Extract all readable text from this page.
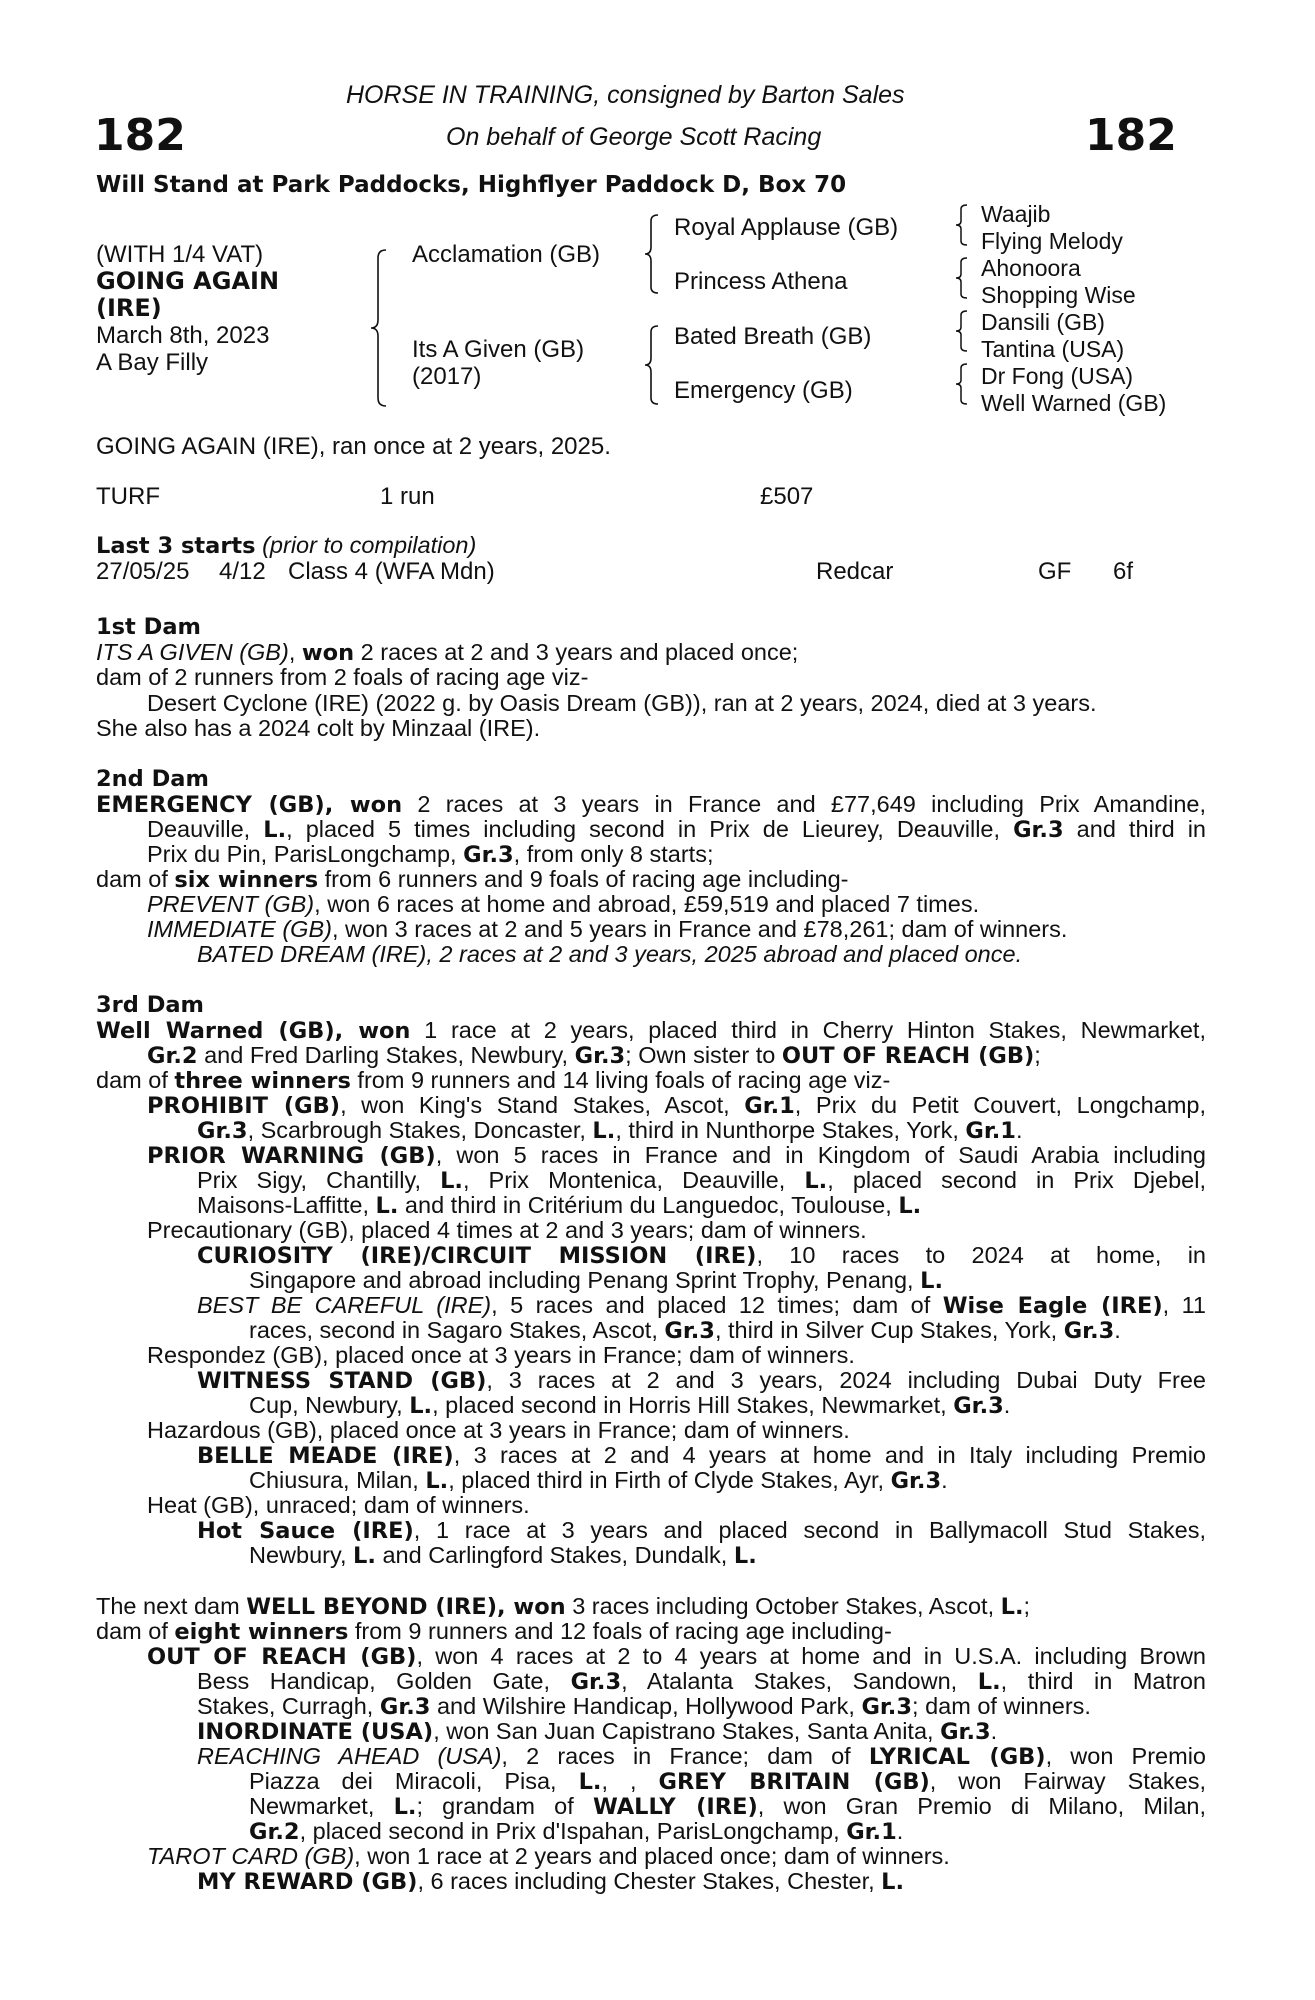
HORSE IN TRAINING, consigned by Barton Sales
On behalf of George Scott Racing
182	182
Will Stand at Park Paddocks, Highflyer Paddock D, Box 70
(WITH 1/4 VAT)
GOING AGAIN
(IRE)
March 8th, 2023
A Bay Filly
Acclamation (GB)
Its A Given (GB)
(2017)
Royal Applause (GB)
Princess Athena
Bated Breath (GB)
Emergency (GB)
Waajib
Flying Melody
Ahonoora
Shopping Wise
Dansili (GB)
Tantina (USA)
Dr Fong (USA)
Well Warned (GB)
GOING AGAIN (IRE), ran once at 2 years, 2025.
TURF	1 run	£507
Last 3 starts (prior to compilation)
27/05/25 4/12 Class 4 (WFA Mdn)	Redcar	GF 6f
1st Dam
ITS A GIVEN (GB), won 2 races at 2 and 3 years and placed once;
dam of 2 runners from 2 foals of racing age viz-
Desert Cyclone (IRE) (2022 g. by Oasis Dream (GB)), ran at 2 years, 2024, died at 3 years.
She also has a 2024 colt by Minzaal (IRE).
2nd Dam
EMERGENCY (GB), won 2 races at 3 years in France and £77,649 including Prix Amandine,
Deauville, L., placed 5 times including second in Prix de Lieurey, Deauville, Gr.3 and third in
Prix du Pin, ParisLongchamp, Gr.3, from only 8 starts;
dam of six winners from 6 runners and 9 foals of racing age including-
PREVENT (GB), won 6 races at home and abroad, £59,519 and placed 7 times.
IMMEDIATE (GB), won 3 races at 2 and 5 years in France and £78,261; dam of winners.
BATED DREAM (IRE), 2 races at 2 and 3 years, 2025 abroad and placed once.
3rd Dam
Well Warned (GB), won 1 race at 2 years, placed third in Cherry Hinton Stakes, Newmarket,
Gr.2 and Fred Darling Stakes, Newbury, Gr.3; Own sister to OUT OF REACH (GB);
dam of three winners from 9 runners and 14 living foals of racing age viz-
PROHIBIT (GB), won King's Stand Stakes, Ascot, Gr.1, Prix du Petit Couvert, Longchamp,
Gr.3, Scarbrough Stakes, Doncaster, L., third in Nunthorpe Stakes, York, Gr.1.
PRIOR WARNING (GB), won 5 races in France and in Kingdom of Saudi Arabia including
Prix Sigy, Chantilly, L., Prix Montenica, Deauville, L., placed second in Prix Djebel,
Maisons-Laffitte, L. and third in Critérium du Languedoc, Toulouse, L.
Precautionary (GB), placed 4 times at 2 and 3 years; dam of winners.
CURIOSITY (IRE)/CIRCUIT MISSION (IRE), 10 races to 2024 at home, in
Singapore and abroad including Penang Sprint Trophy, Penang, L.
BEST BE CAREFUL (IRE), 5 races and placed 12 times; dam of Wise Eagle (IRE), 11
races, second in Sagaro Stakes, Ascot, Gr.3, third in Silver Cup Stakes, York, Gr.3.
Respondez (GB), placed once at 3 years in France; dam of winners.
WITNESS STAND (GB), 3 races at 2 and 3 years, 2024 including Dubai Duty Free
Cup, Newbury, L., placed second in Horris Hill Stakes, Newmarket, Gr.3.
Hazardous (GB), placed once at 3 years in France; dam of winners.
BELLE MEADE (IRE), 3 races at 2 and 4 years at home and in Italy including Premio
Chiusura, Milan, L., placed third in Firth of Clyde Stakes, Ayr, Gr.3.
Heat (GB), unraced; dam of winners.
Hot Sauce (IRE), 1 race at 3 years and placed second in Ballymacoll Stud Stakes,
Newbury, L. and Carlingford Stakes, Dundalk, L.
The next dam WELL BEYOND (IRE), won 3 races including October Stakes, Ascot, L.;
dam of eight winners from 9 runners and 12 foals of racing age including-
OUT OF REACH (GB), won 4 races at 2 to 4 years at home and in U.S.A. including Brown
Bess Handicap, Golden Gate, Gr.3, Atalanta Stakes, Sandown, L., third in Matron
Stakes, Curragh, Gr.3 and Wilshire Handicap, Hollywood Park, Gr.3; dam of winners.
INORDINATE (USA), won San Juan Capistrano Stakes, Santa Anita, Gr.3.
REACHING AHEAD (USA), 2 races in France; dam of LYRICAL (GB), won Premio
Piazza dei Miracoli, Pisa, L., , GREY BRITAIN (GB), won Fairway Stakes,
Newmarket, L.; grandam of WALLY (IRE), won Gran Premio di Milano, Milan,
Gr.2, placed second in Prix d'Ispahan, ParisLongchamp, Gr.1.
TAROT CARD (GB), won 1 race at 2 years and placed once; dam of winners.
MY REWARD (GB), 6 races including Chester Stakes, Chester, L.
